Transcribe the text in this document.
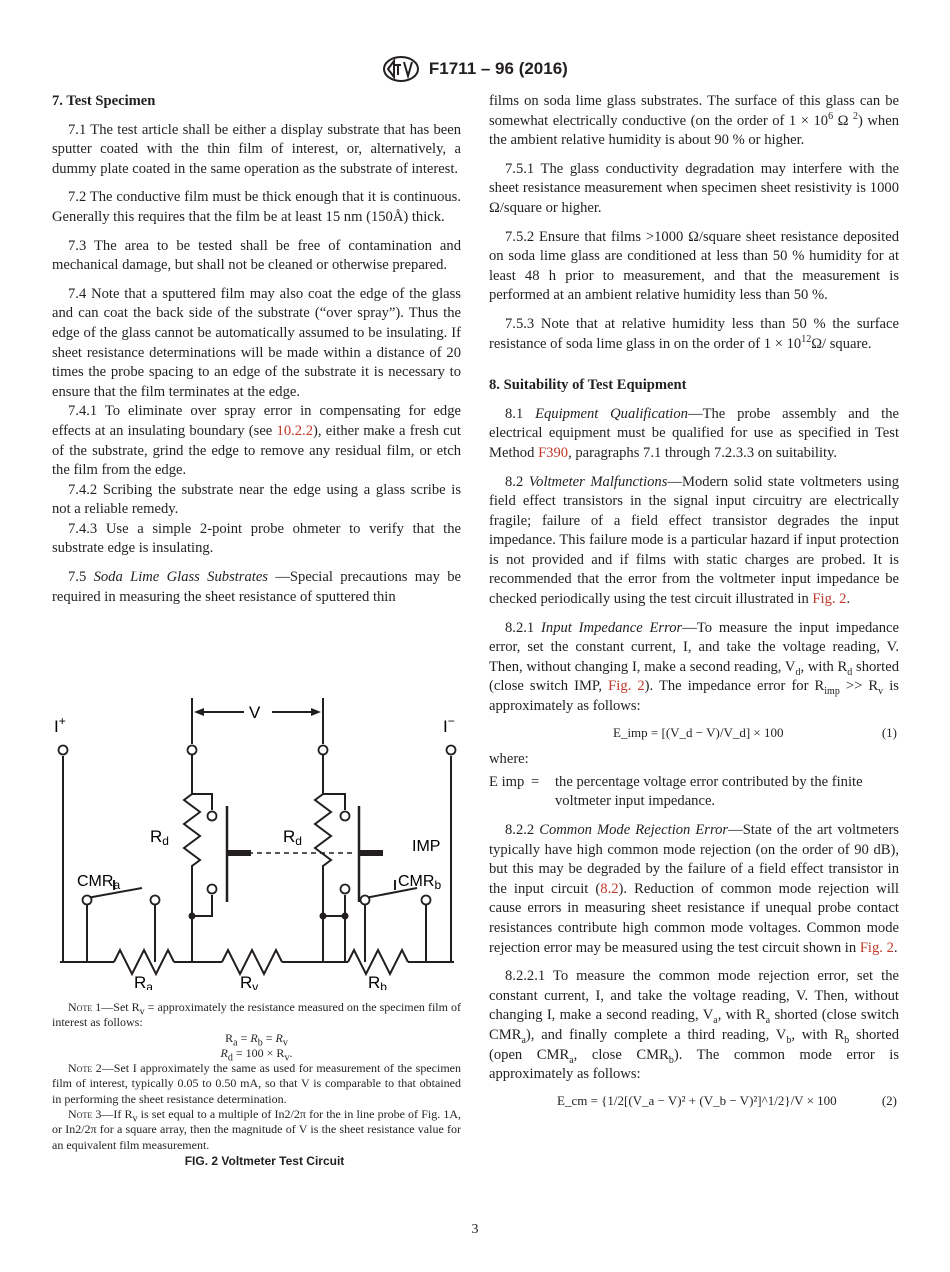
F1711 – 96 (2016)
7. Test Specimen

7.1 The test article shall be either a display substrate that has been sputter coated with the thin film of interest, or, alternatively, a dummy plate coated in the same operation as the substrate of interest.

7.2 The conductive film must be thick enough that it is continuous. Generally this requires that the film be at least 15 nm (150Å) thick.

7.3 The area to be tested shall be free of contamination and mechanical damage, but shall not be cleaned or otherwise prepared.

7.4 Note that a sputtered film may also coat the edge of the glass and can coat the back side of the substrate (“over spray”). Thus the edge of the glass cannot be automatically assumed to be insulating. If sheet resistance determinations will be made within a distance of 20 times the probe spacing to an edge of the substrate it is necessary to ensure that the film terminates at the edge.

7.4.1 To eliminate over spray error in compensating for edge effects at an insulating boundary (see 10.2.2), either make a fresh cut of the substrate, grind the edge to remove any residual film, or etch the film from the edge.

7.4.2 Scribing the substrate near the edge using a glass scribe is not a reliable remedy.

7.4.3 Use a simple 2-point probe ohmeter to verify that the substrate edge is insulating.

7.5 Soda Lime Glass Substrates —Special precautions may be required in measuring the sheet resistance of sputtered thin

I+	I−
V
Rd	Rd	IMP
CMRa	CMRb
Ra	Rv	Rb

Note 1—Set $R_v$ = approximately the resistance measured on the specimen film of interest as follows:

$R_a = R_b = R_v$

$R_d = 100 \times R_v$.

Note 2—Set I approximately the same as used for measurement of the specimen film of interest, typically 0.05 to 0.50 mA, so that V is comparable to that obtained in performing the sheet resistance determination.

Note 3—If $R_v$ is set equal to a multiple of In2/2π for the in line probe of Fig. 1A, or In2/2π for a square array, then the magnitude of V is the sheet resistance value for an equivalent film measurement.

FIG. 2 Voltmeter Test Circuit

films on soda lime glass substrates. The surface of this glass can be somewhat electrically conductive (on the order of $1 \times 10^6$ Ω $^2$) when the ambient relative humidity is about 90 % or higher.

7.5.1 The glass conductivity degradation may interfere with the sheet resistance measurement when specimen sheet resistivity is 1000 Ω/square or higher.

7.5.2 Ensure that films >1000 Ω/square sheet resistance deposited on soda lime glass are conditioned at less than 50 % humidity for at least 48 h prior to measurement, and that the measurement is performed at an ambient relative humidity less than 50 %.

7.5.3 Note that at relative humidity less than 50 % the surface resistance of soda lime glass in on the order of $1 \times 10^{12}\Omega/$ square.

8. Suitability of Test Equipment

8.1 Equipment Qualification—The probe assembly and the electrical equipment must be qualified for use as specified in Test Method F390, paragraphs 7.1 through 7.2.3.3 on suitability.

8.2 Voltmeter Malfunctions—Modern solid state voltmeters using field effect transistors in the signal input circuitry are electrically fragile; failure of a field effect transistor degrades the input impedance. This failure mode is a particular hazard if input protection is not provided and if films with static charges are probed. It is recommended that the error from the voltmeter input impedance be checked periodically using the test circuit illustrated in Fig. 2.

8.2.1 Input Impedance Error—To measure the input impedance error, set the constant current, I, and take the voltage reading, V. Then, without changing I, make a second reading, $V_d$, with $R_d$ shorted (close switch IMP, Fig. 2). The impedance error for $R_{imp} >> R_v$ is approximately as follows:

E_imp = [(V_d − V)/V_d] × 100	(1)
where:
E imp =	the percentage voltage error contributed by the finite voltmeter input impedance.

8.2.2 Common Mode Rejection Error—State of the art voltmeters typically have high common mode rejection (on the order of 90 dB), but this may be degraded by the failure of a field effect transistor in the input circuit (8.2). Reduction of common mode rejection will cause errors in measuring sheet resistance if unequal probe contact resistances contribute high common mode voltages. Common mode rejection error may be measured using the test circuit shown in Fig. 2.

8.2.2.1 To measure the common mode rejection error, set the constant current, I, and take the voltage reading, V. Then, without changing I, make a second reading, $V_a$, with $R_a$ shorted (close switch $CMR_a$), and finally complete a third reading, $V_b$, with $R_b$ shorted (open $CMR_a$, close $CMR_b$). The common mode error is approximately as follows:

E_cm = {1/2[(V_a − V)² + (V_b − V)²]^1/2}/V × 100	(2)
3
